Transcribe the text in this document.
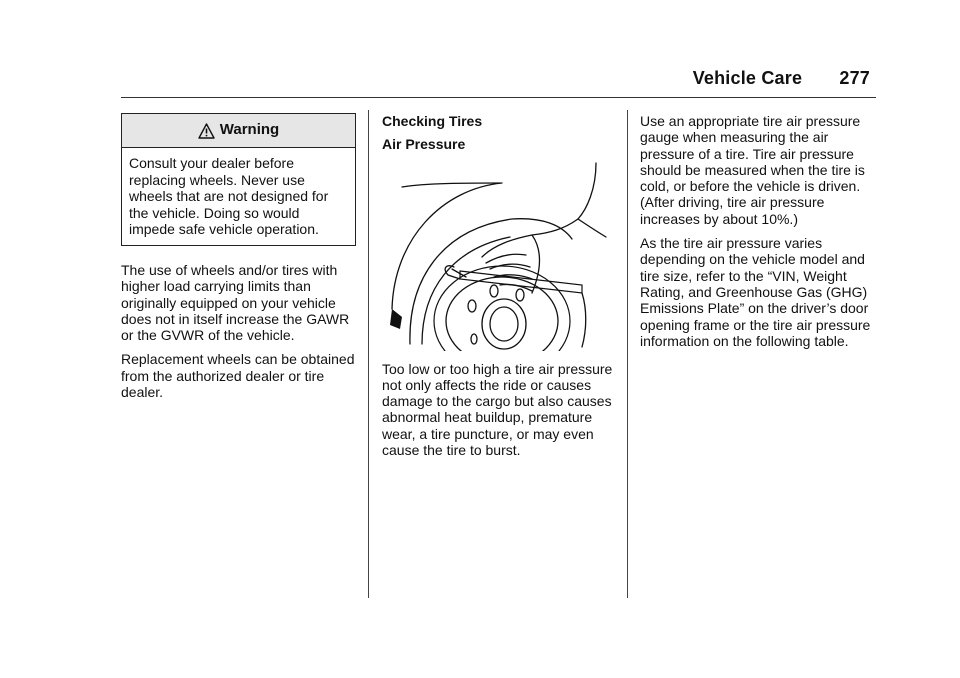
Vehicle Care 277
Warning
Consult your dealer before replacing wheels. Never use wheels that are not designed for the vehicle. Doing so would impede safe vehicle operation.

The use of wheels and/or tires with higher load carrying limits than originally equipped on your vehicle does not in itself increase the GAWR or the GVWR of the vehicle.

Replacement wheels can be obtained from the authorized dealer or tire dealer.

Checking Tires
Air Pressure

Too low or too high a tire air pressure not only affects the ride or causes damage to the cargo but also causes abnormal heat buildup, premature wear, a tire puncture, or may even cause the tire to burst.

Use an appropriate tire air pressure gauge when measuring the air pressure of a tire. Tire air pressure should be measured when the tire is cold, or before the vehicle is driven. (After driving, tire air pressure increases by about 10%.)

As the tire air pressure varies depending on the vehicle model and tire size, refer to the “VIN, Weight Rating, and Greenhouse Gas (GHG) Emissions Plate” on the driver’s door opening frame or the tire air pressure information on the following table.
